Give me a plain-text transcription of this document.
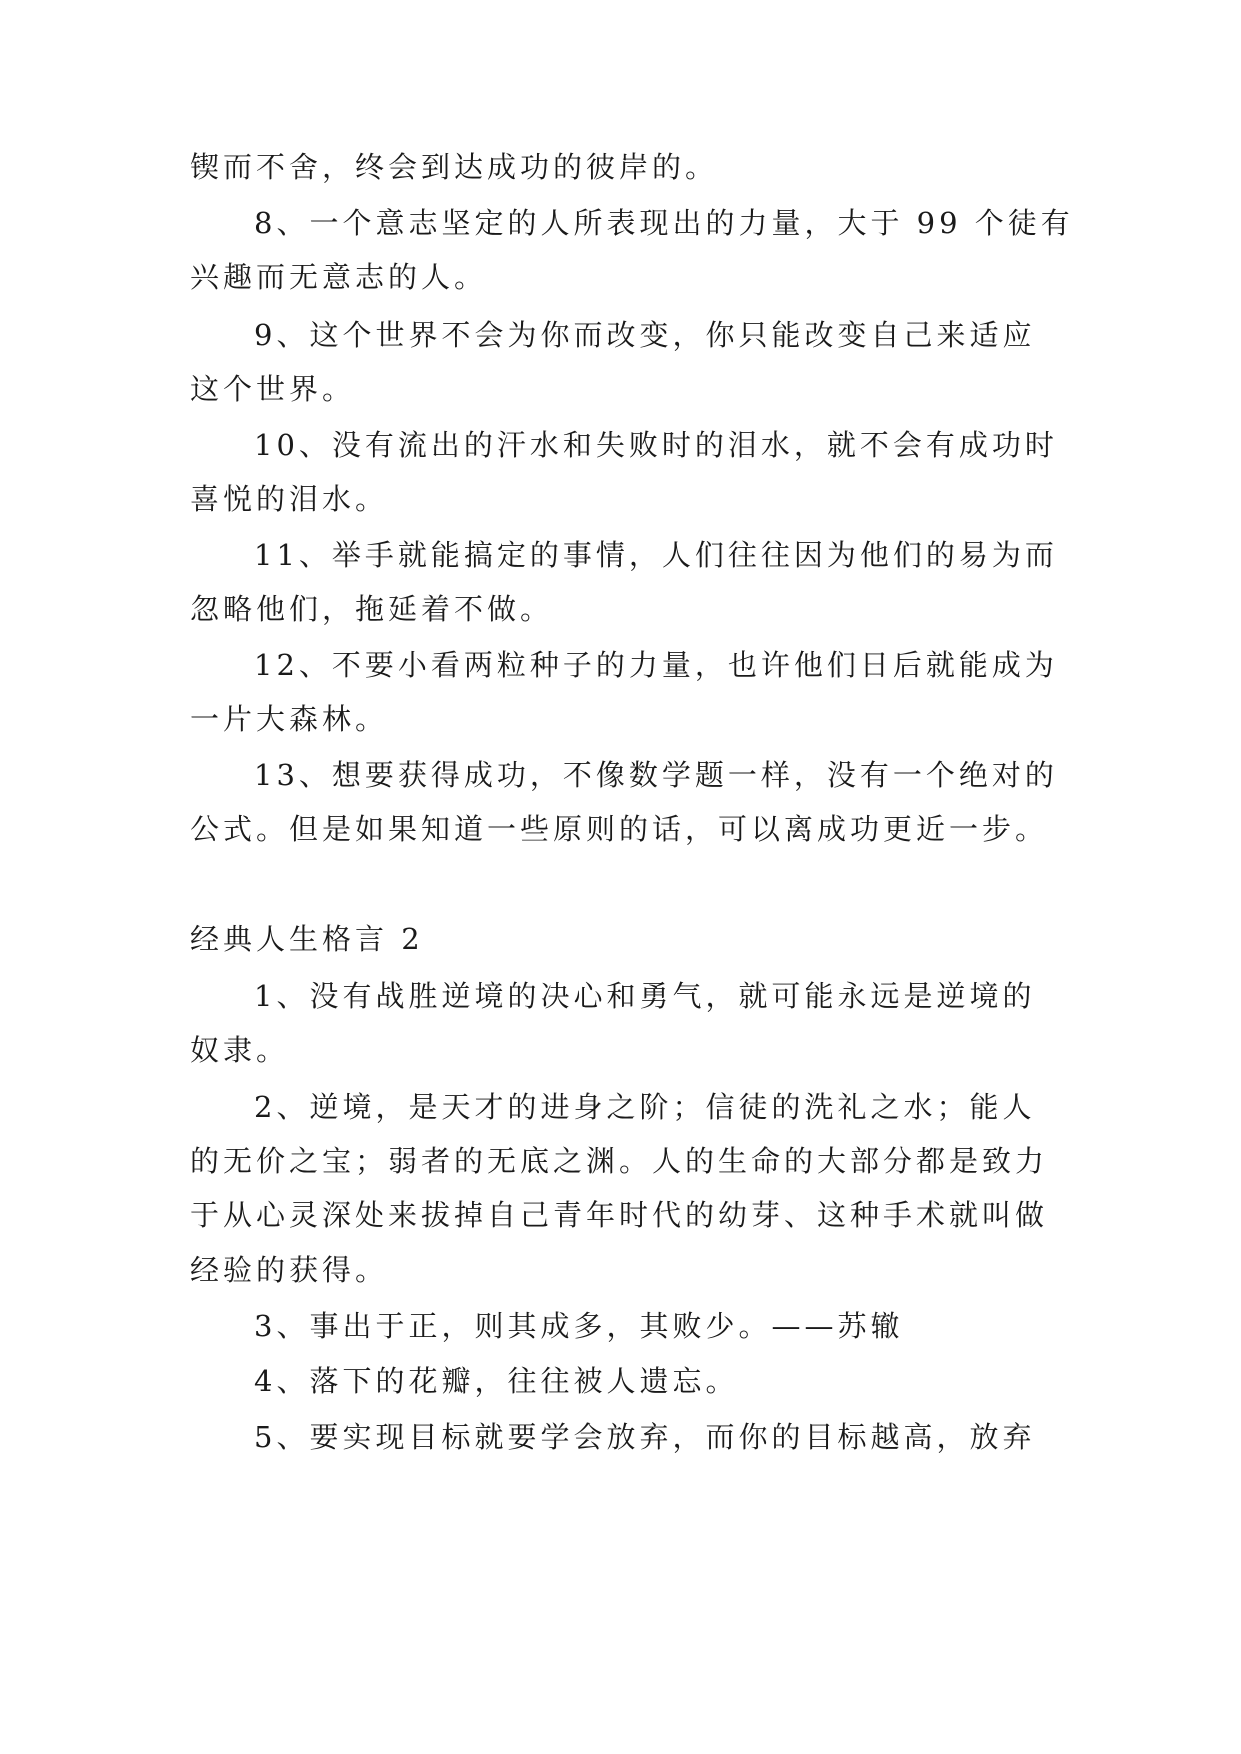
锲而不舍，终会到达成功的彼岸的。
8、一个意志坚定的人所表现出的力量，大于 99 个徒有
兴趣而无意志的人。
9、这个世界不会为你而改变，你只能改变自己来适应
这个世界。
10、没有流出的汗水和失败时的泪水，就不会有成功时
喜悦的泪水。
11、举手就能搞定的事情，人们往往因为他们的易为而
忽略他们，拖延着不做。
12、不要小看两粒种子的力量，也许他们日后就能成为
一片大森林。
13、想要获得成功，不像数学题一样，没有一个绝对的
公式。但是如果知道一些原则的话，可以离成功更近一步。
经典人生格言 2
1、没有战胜逆境的决心和勇气，就可能永远是逆境的
奴隶。
2、逆境，是天才的进身之阶；信徒的洗礼之水；能人
的无价之宝；弱者的无底之渊。人的生命的大部分都是致力
于从心灵深处来拔掉自己青年时代的幼芽、这种手术就叫做
经验的获得。
3、事出于正，则其成多，其败少。——苏辙
4、落下的花瓣，往往被人遗忘。
5、要实现目标就要学会放弃，而你的目标越高，放弃
